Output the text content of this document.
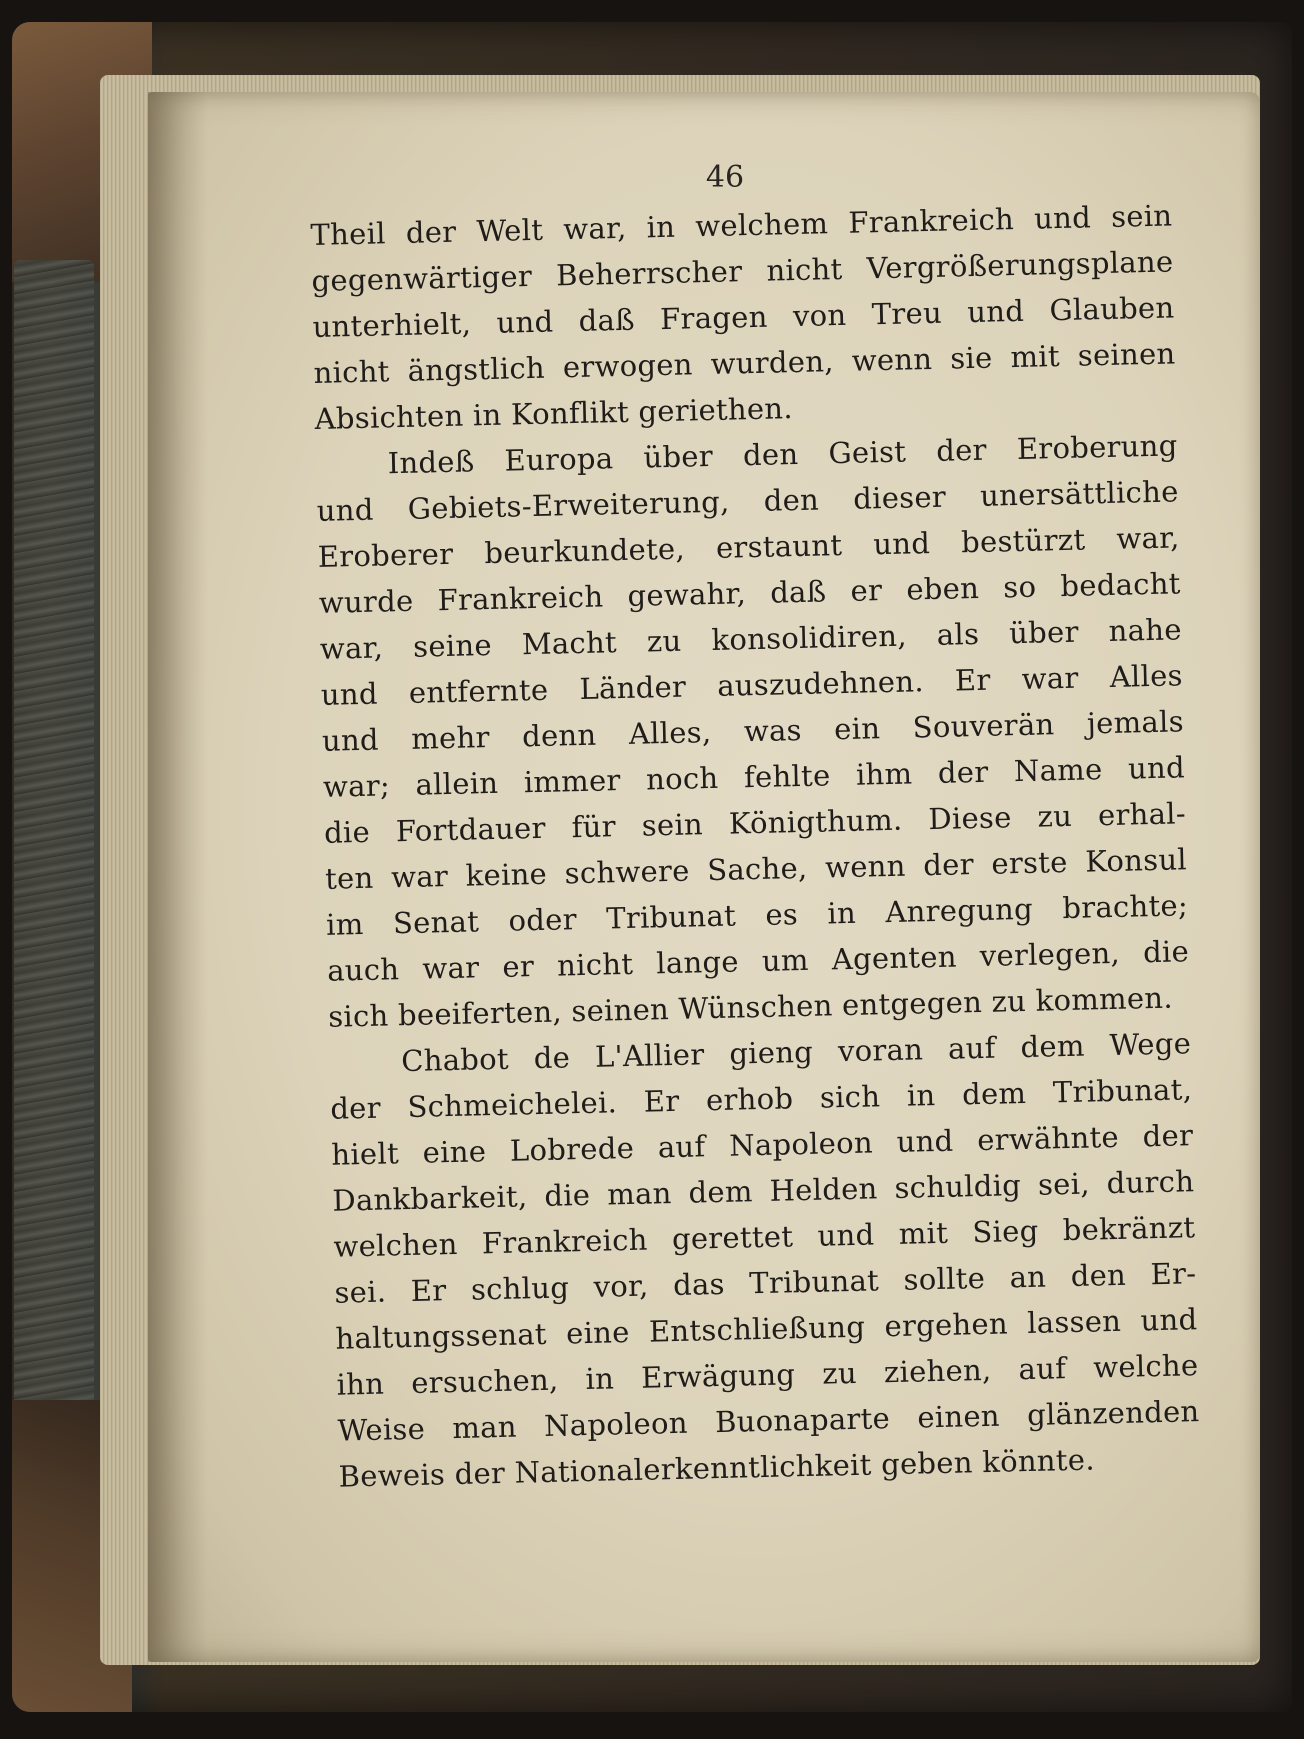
46
Theil der Welt war, in welchem Frankreich und sein
gegenwärtiger Beherrscher nicht Vergrößerungsplane
unterhielt, und daß Fragen von Treu und Glauben
nicht ängstlich erwogen wurden, wenn sie mit seinen
Absichten in Konflikt geriethen.
Indeß Europa über den Geist der Eroberung
und Gebiets-Erweiterung, den dieser unersättliche
Eroberer beurkundete, erstaunt und bestürzt war,
wurde Frankreich gewahr, daß er eben so bedacht
war, seine Macht zu konsolidiren, als über nahe
und entfernte Länder auszudehnen. Er war Alles
und mehr denn Alles, was ein Souverän jemals
war; allein immer noch fehlte ihm der Name und
die Fortdauer für sein Königthum. Diese zu erhal-
ten war keine schwere Sache, wenn der erste Konsul
im Senat oder Tribunat es in Anregung brachte;
auch war er nicht lange um Agenten verlegen, die
sich beeiferten, seinen Wünschen entgegen zu kommen.
Chabot de L'Allier gieng voran auf dem Wege
der Schmeichelei. Er erhob sich in dem Tribunat,
hielt eine Lobrede auf Napoleon und erwähnte der
Dankbarkeit, die man dem Helden schuldig sei, durch
welchen Frankreich gerettet und mit Sieg bekränzt
sei. Er schlug vor, das Tribunat sollte an den Er-
haltungssenat eine Entschließung ergehen lassen und
ihn ersuchen, in Erwägung zu ziehen, auf welche
Weise man Napoleon Buonaparte einen glänzenden
Beweis der Nationalerkenntlichkeit geben könnte.
